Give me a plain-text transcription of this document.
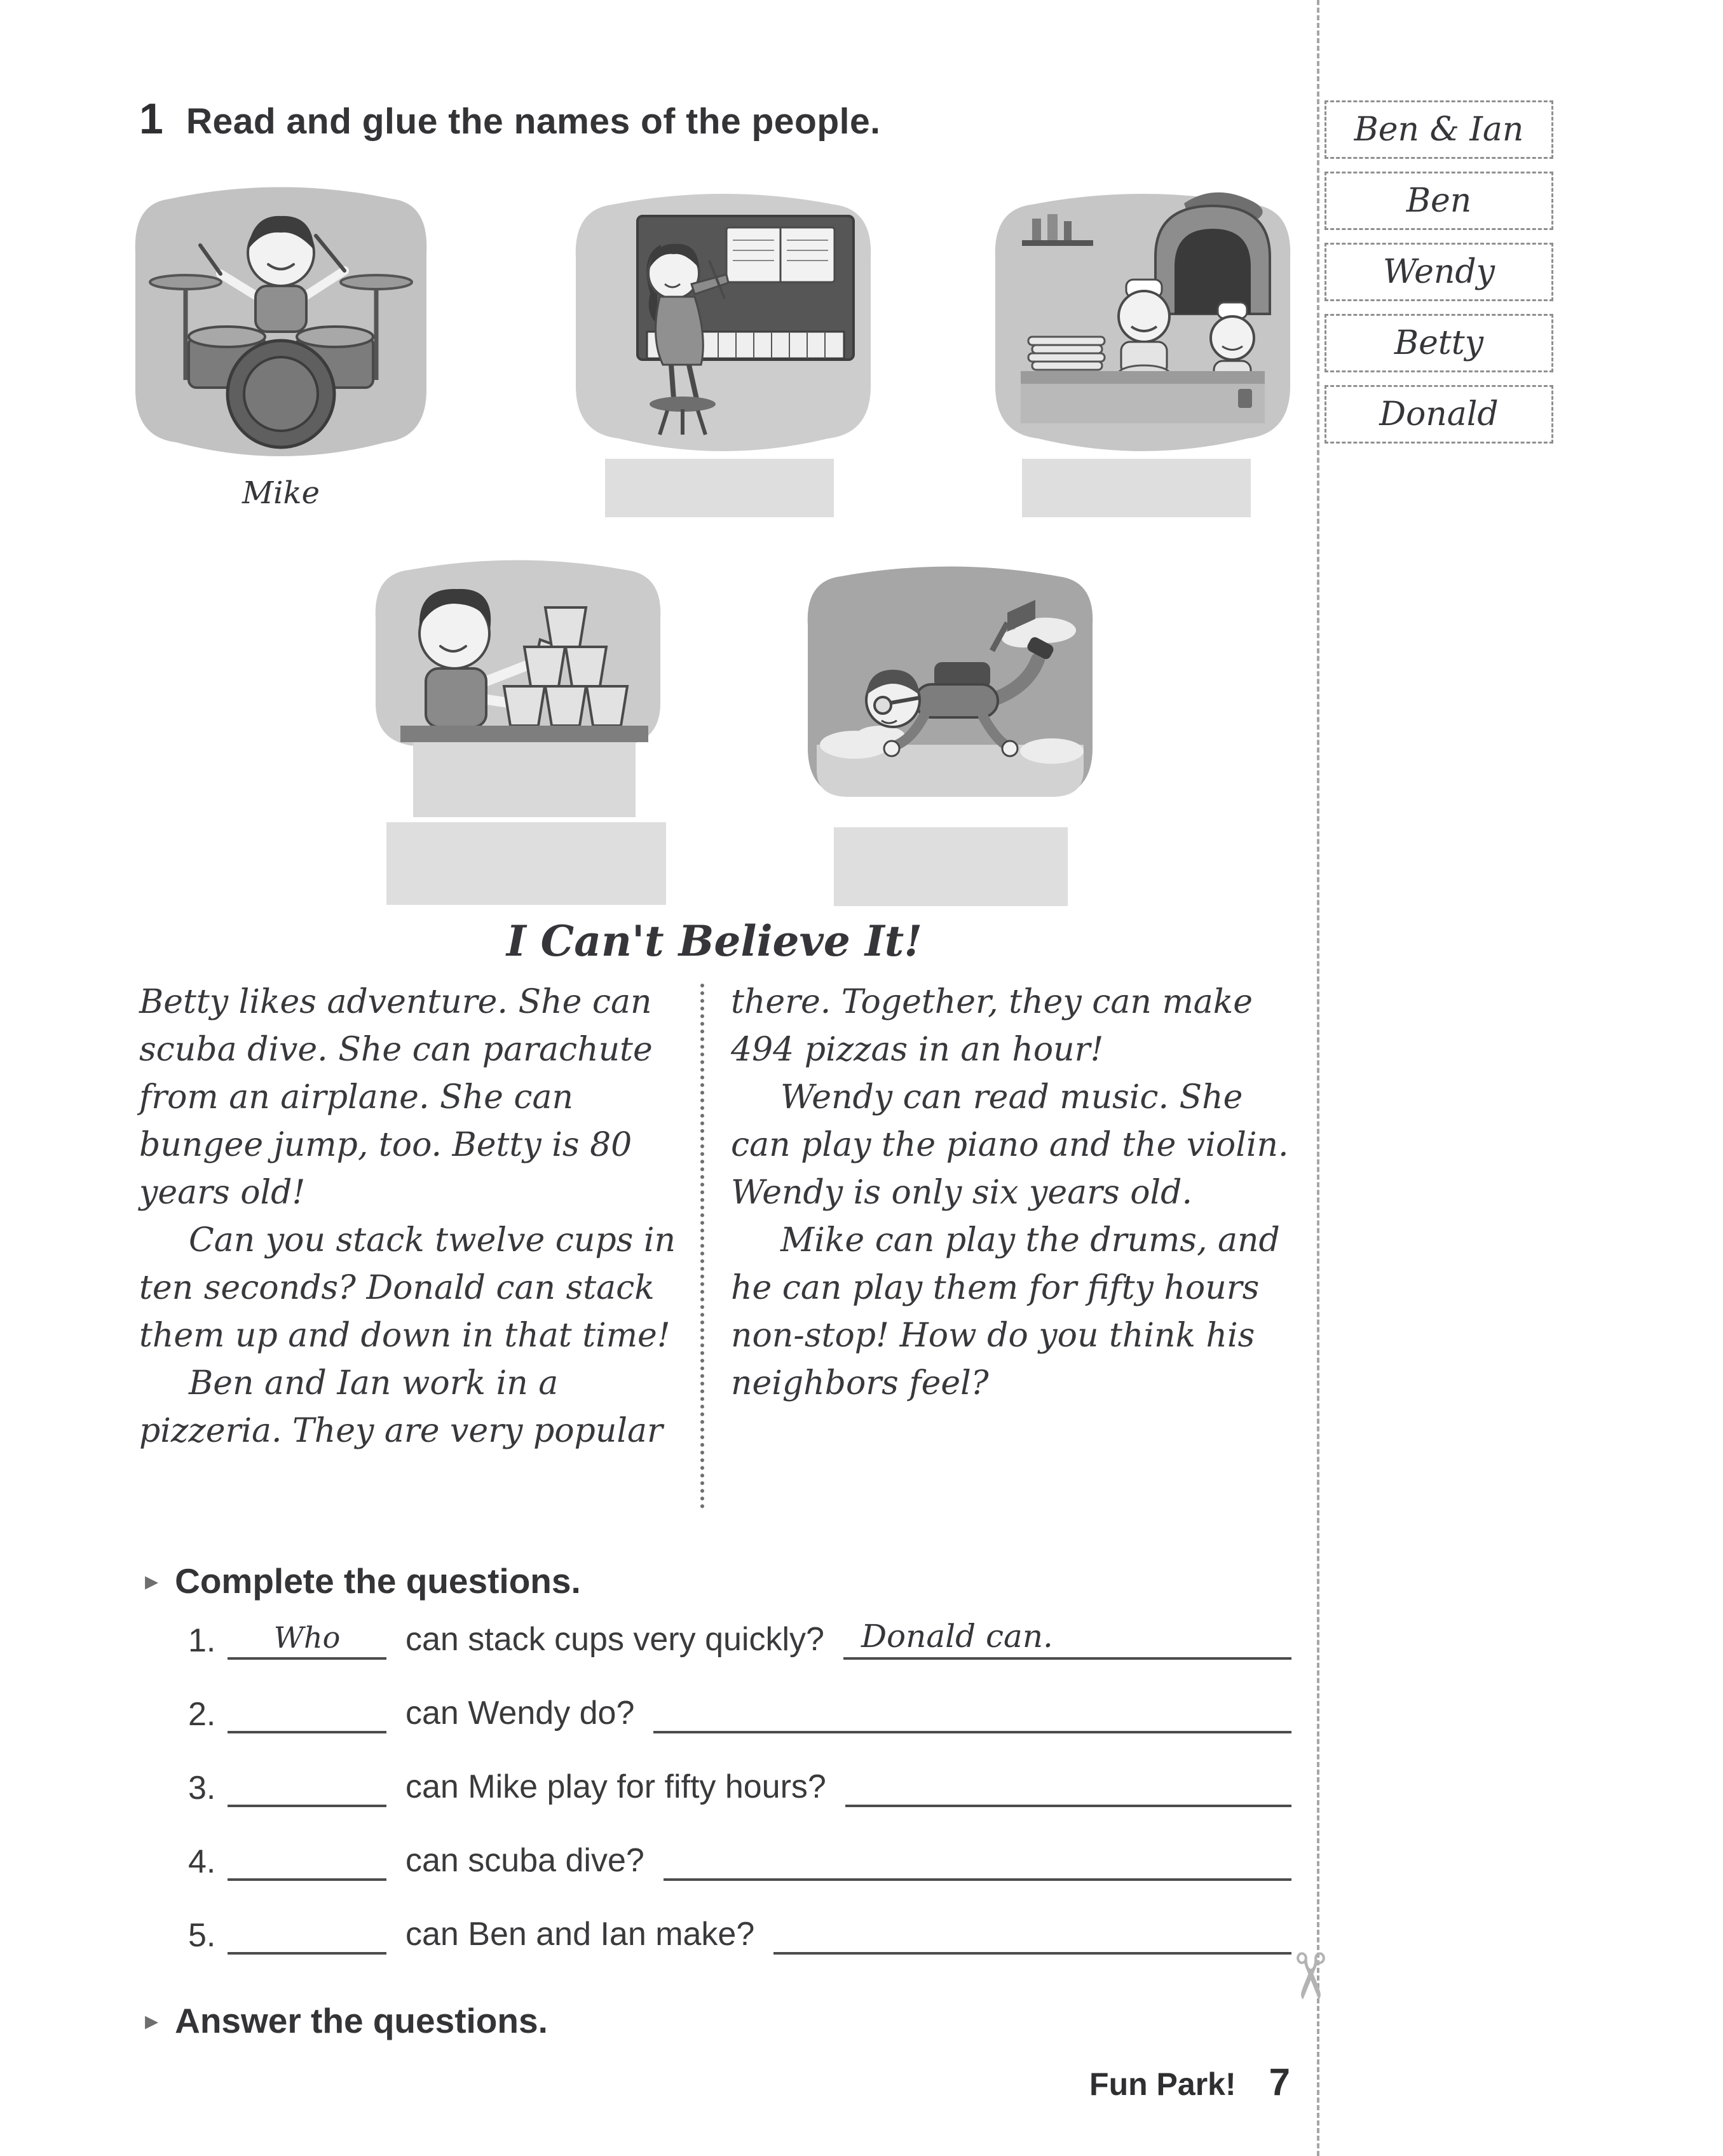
✂
1 Read and glue the names of the people.	Ben & Ian
Ben
Wendy
Betty
Donald
Mike
I Can't Believe It!

Betty likes adventure. She can scuba dive. She can parachute from an airplane. She can bungee jump, too. Betty is 80 years old!

Can you stack twelve cups in ten seconds? Donald can stack them up and down in that time!

Ben and Ian work in a pizzeria. They are very popular

there. Together, they can make 494 pizzas in an hour!

Wendy can read music. She can play the piano and the violin. Wendy is only six years old.

Mike can play the drums, and he can play them for fifty hours non-stop! How do you think his neighbors feel?

▸ Complete the questions.
1.	Who can stack cups very quickly? Donald can.
2.	can Wendy do?
3.	can Mike play for fifty hours?
4.	can scuba dive?
5.	can Ben and Ian make?
▸ Answer the questions.
Fun Park! 7
